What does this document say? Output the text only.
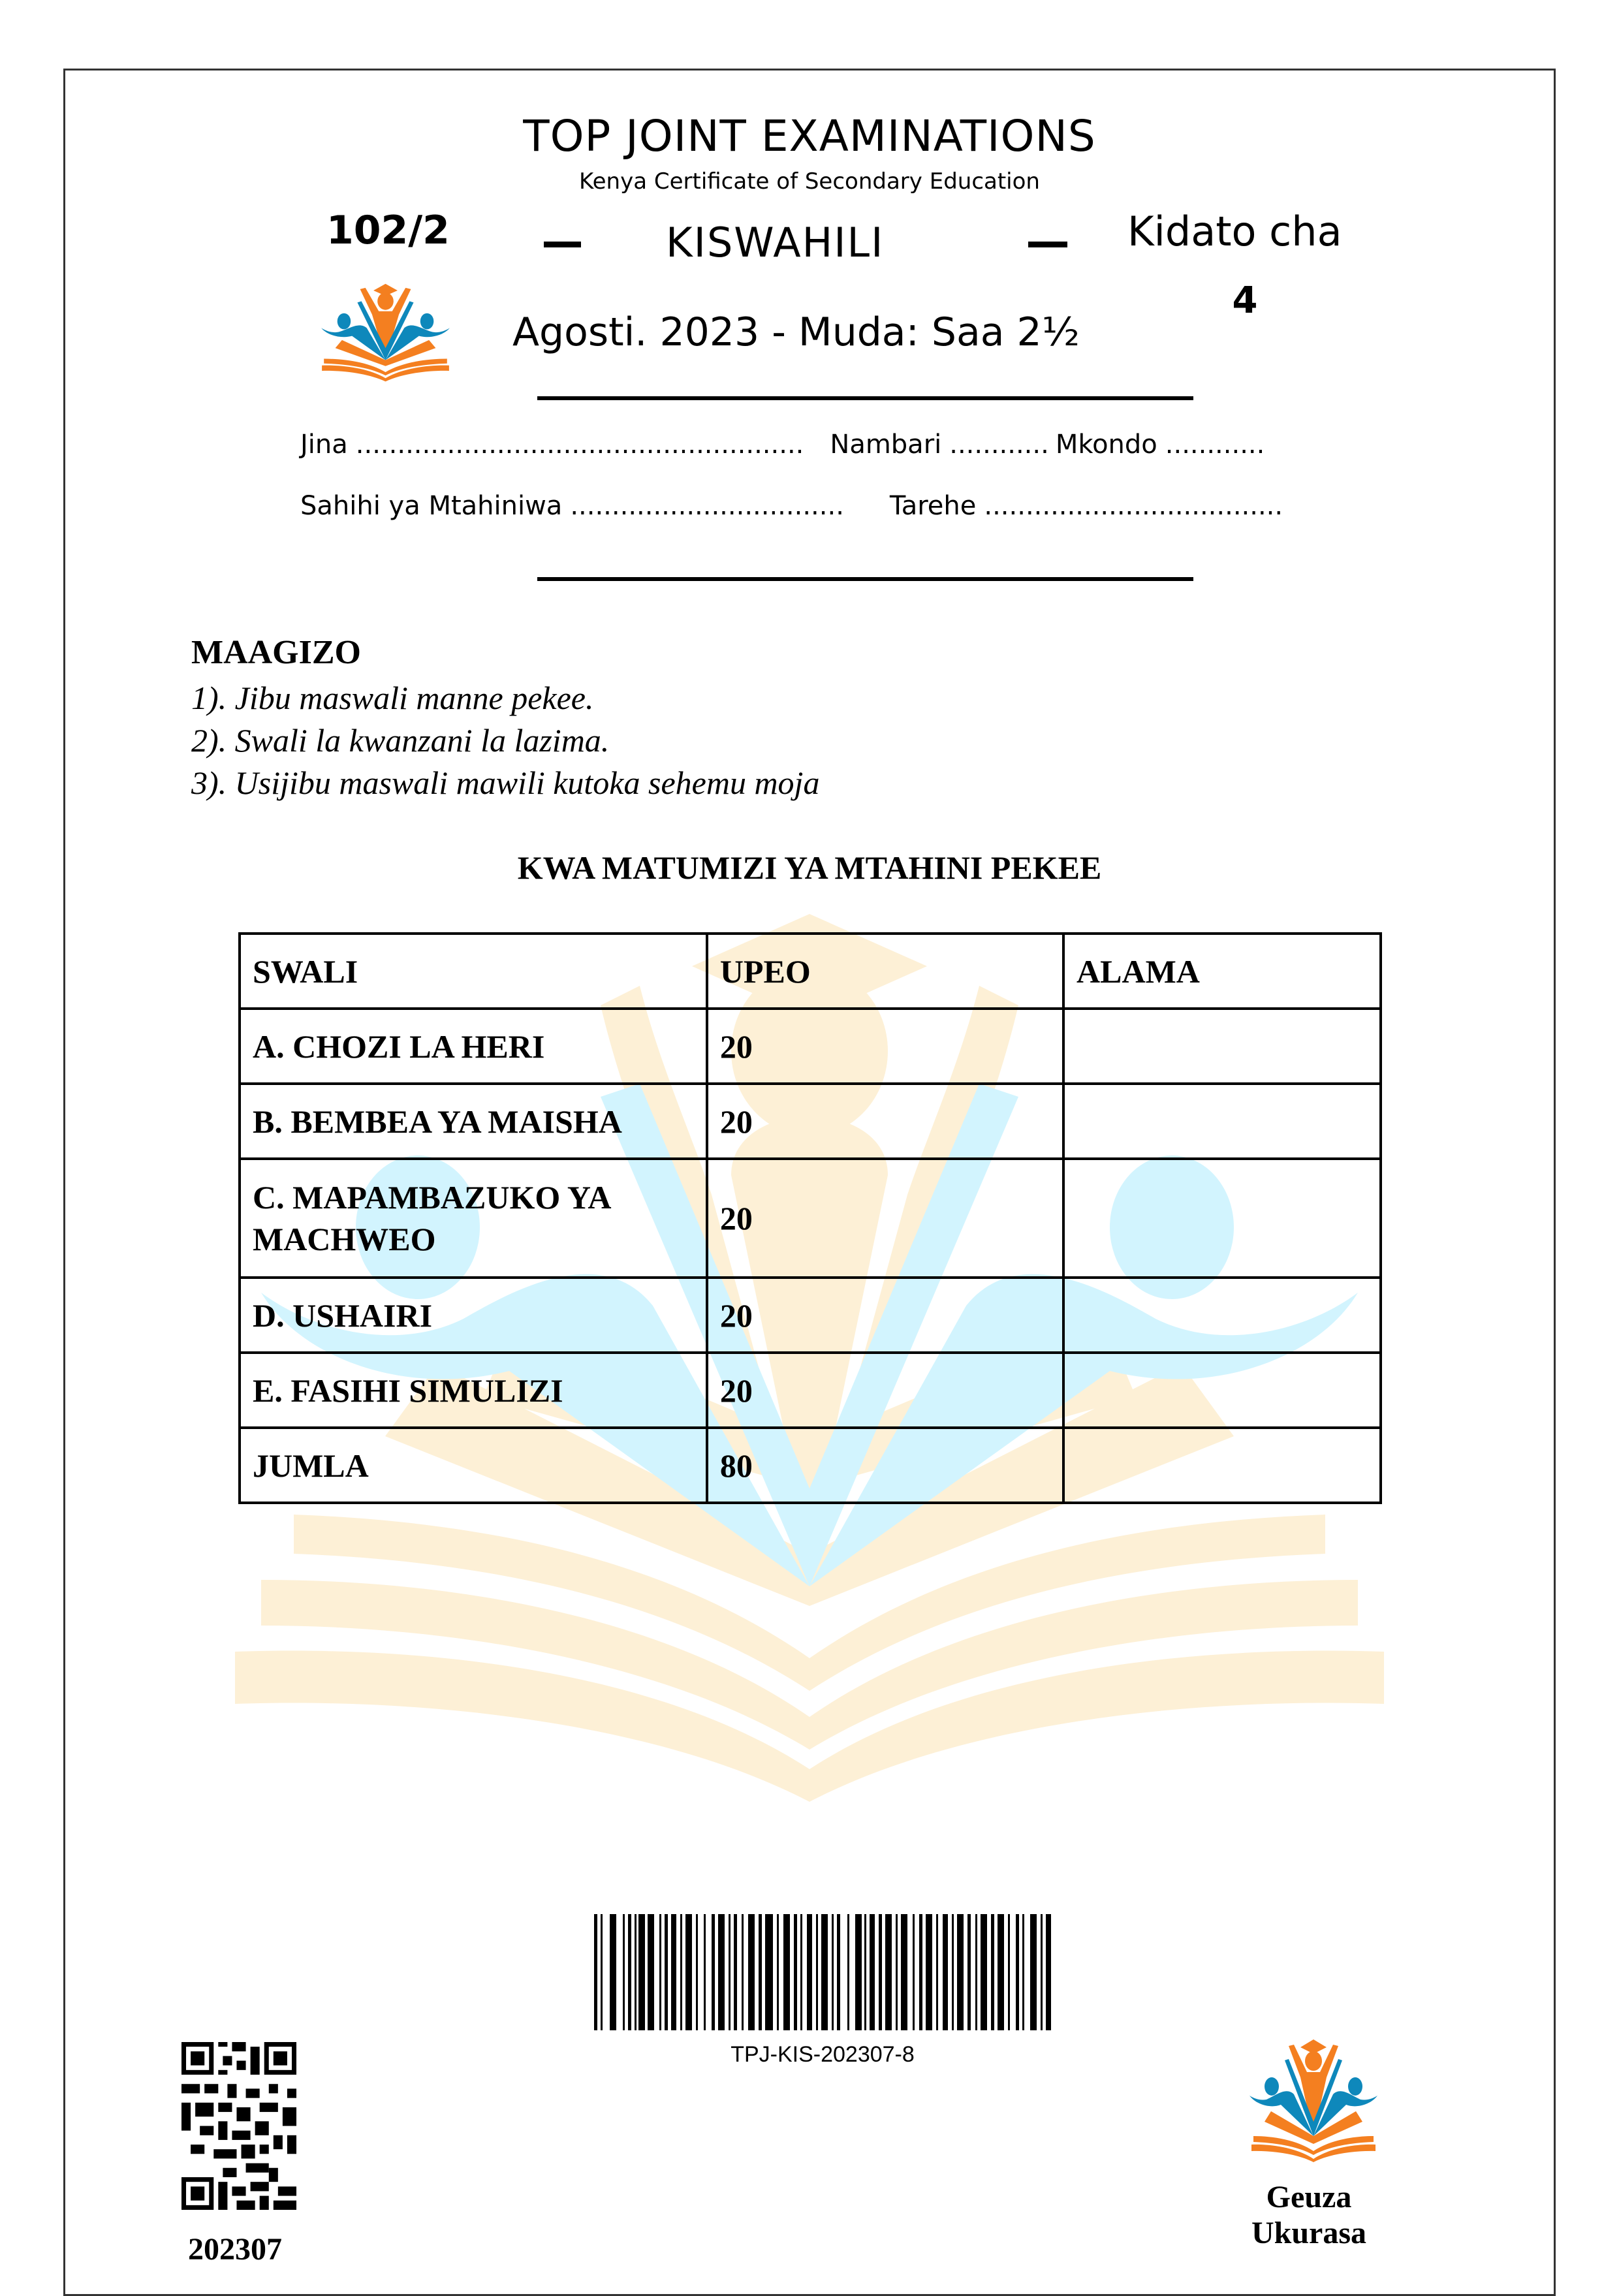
TOP JOINT EXAMINATIONS
Kenya Certificate of Secondary Education
102/2	KISWAHILI	Kidato cha
4
Agosti. 2023 - Muda: Saa 2½
Jina ...................................................... Nambari ............ Mkondo ............
Sahihi ya Mtahiniwa ................................. Tarehe ....................................
MAAGIZO
1). Jibu maswali manne pekee.
2). Swali la kwanzani la lazima.
3). Usijibu maswali mawili kutoka sehemu moja
KWA MATUMIZI YA MTAHINI PEKEE
SWALI	UPEO	ALAMA
A. CHOZI LA HERI	20	
B. BEMBEA YA MAISHA	20	
C. MAPAMBAZUKO YA MACHWEO	20	
D. USHAIRI	20	
E. FASIHI SIMULIZI	20	
JUMLA	80	
TPJ-KIS-202307-8
202307
Geuza Ukurasa
